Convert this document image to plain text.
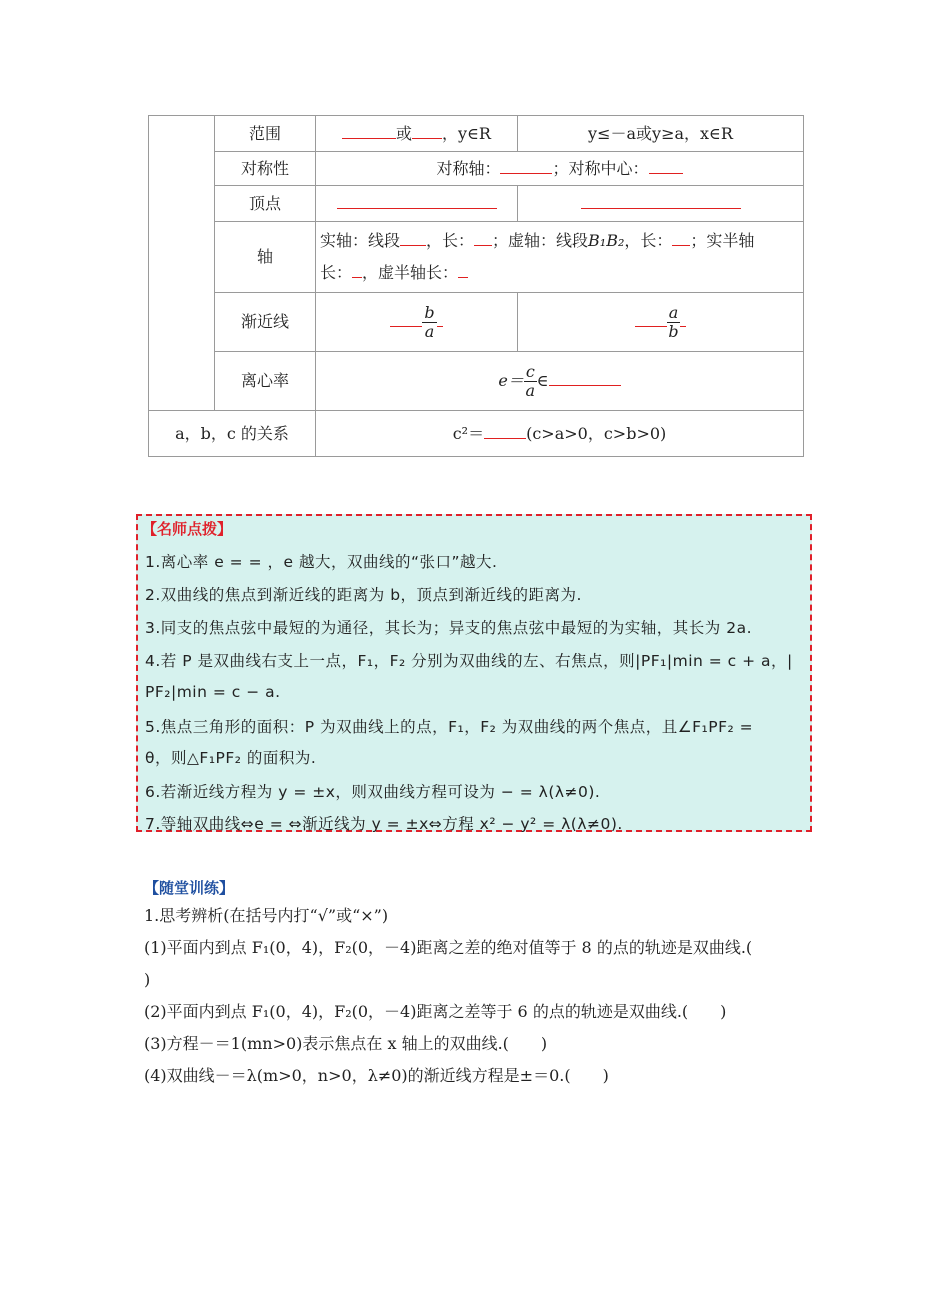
	范围	或 ，y∈R	y≤－a或y≥a，x∈R
	对称性	对称轴： ；对称中心：	
	顶点		
	轴	实轴：线段 ，长： ；虚轴：线段B₁B₂，长： ；实半轴
长： ，虚半轴长：	
	渐近线	$\frac{b}{a}$	$\frac{a}{b}$

	离心率	$e= \frac{c}{a}$ ∈	
a，b，c 的关系		c²＝ (c>a>0，c>b>0)	
【名师点拨】
1.离心率 e = = ，e 越大，双曲线的“张口”越大.
2.双曲线的焦点到渐近线的距离为 b，顶点到渐近线的距离为.
3.同支的焦点弦中最短的为通径，其长为；异支的焦点弦中最短的为实轴，其长为 2a.
4.若 P 是双曲线右支上一点，F₁，F₂ 分别为双曲线的左、右焦点，则|PF₁|min = c + a，|
PF₂|min = c − a.
5.焦点三角形的面积：P 为双曲线上的点，F₁，F₂ 为双曲线的两个焦点，且∠F₁PF₂ =
θ，则△F₁PF₂ 的面积为.
6.若渐近线方程为 y = ±x，则双曲线方程可设为 − = λ(λ≠0).
7.等轴双曲线⇔e = ⇔渐近线为 y = ±x⇔方程 x² − y² = λ(λ≠0).
【随堂训练】
1.思考辨析(在括号内打“√”或“×”)
(1)平面内到点 F₁(0，4)，F₂(0，－4)距离之差的绝对值等于 8 的点的轨迹是双曲线.(
)
(2)平面内到点 F₁(0，4)，F₂(0，－4)距离之差等于 6 的点的轨迹是双曲线.(　　)
(3)方程－＝1(mn>0)表示焦点在 x 轴上的双曲线.(　　)
(4)双曲线－＝λ(m>0，n>0，λ≠0)的渐近线方程是±＝0.(　　)
